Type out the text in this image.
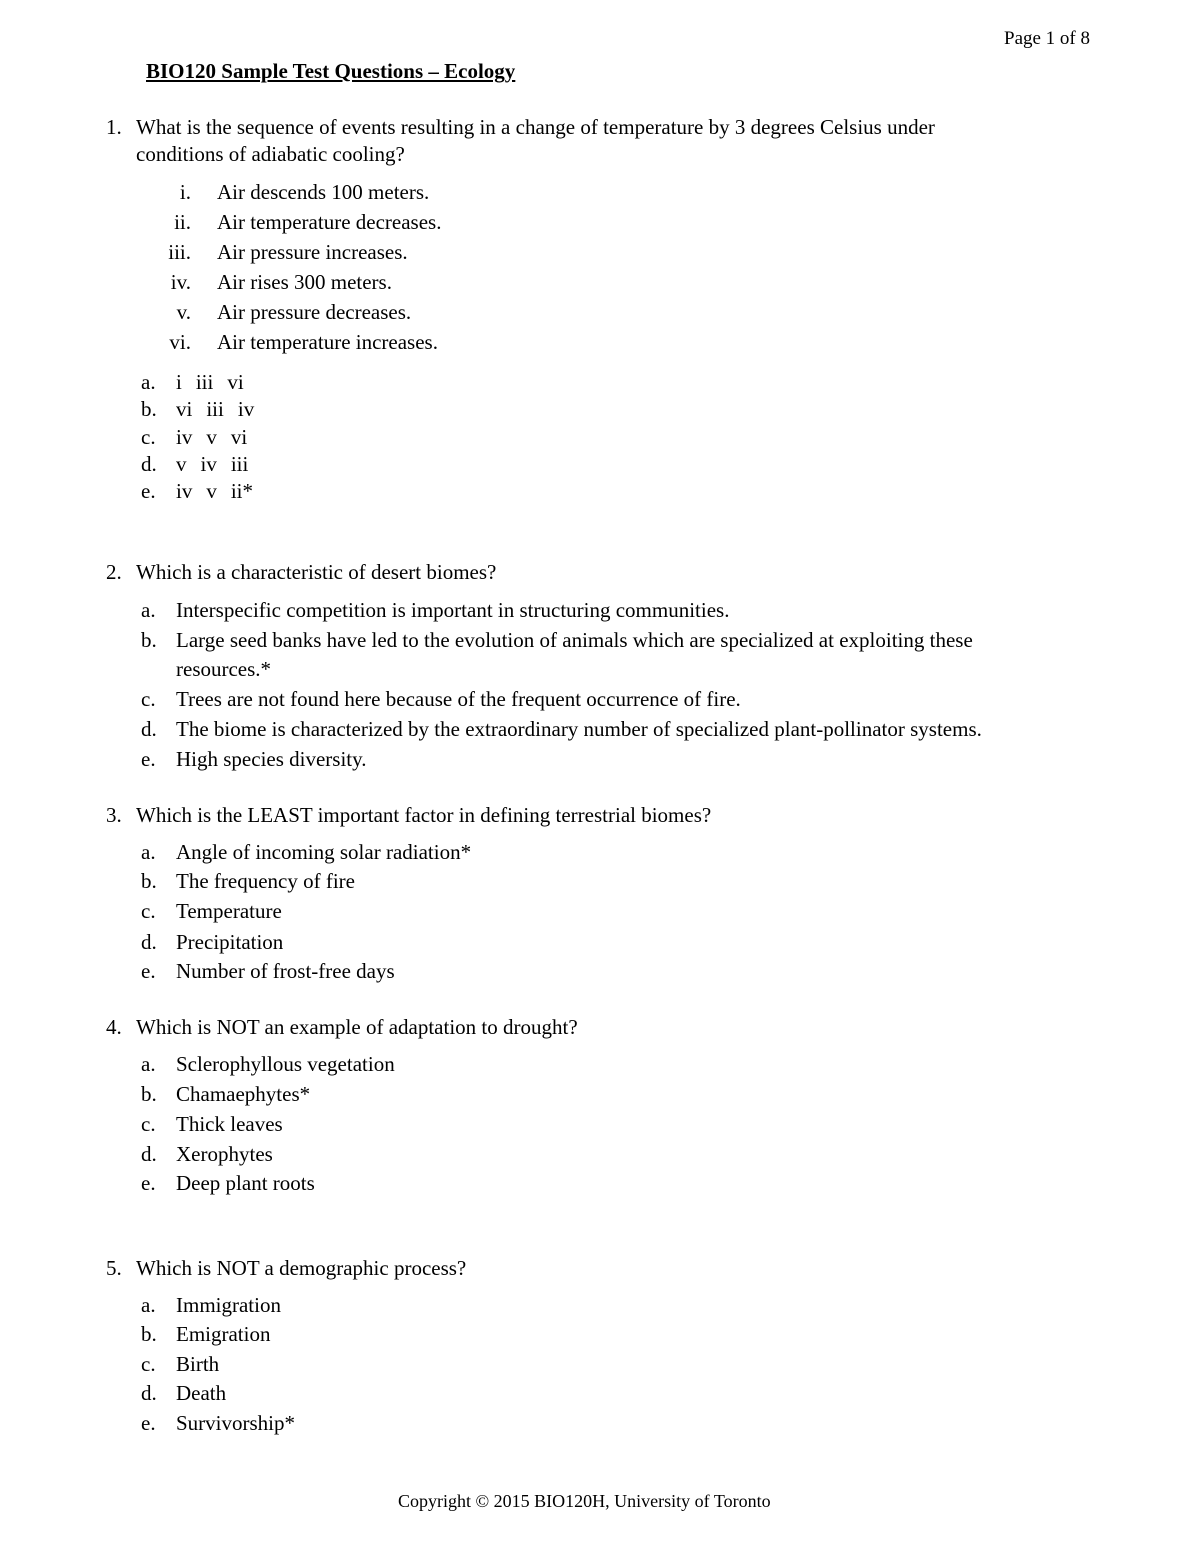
Page 1 of 8
BIO120 Sample Test Questions – Ecology
1. What is the sequence of events resulting in a change of temperature by 3 degrees Celsius under
conditions of adiabatic cooling?
i. Air descends 100 meters.
ii. Air temperature decreases.
iii. Air pressure increases.
iv. Air rises 300 meters.
v. Air pressure decreases.
vi. Air temperature increases.
a. i iii vi
b. vi iii iv
c. iv v vi
d. v iv iii
e. iv v ii*
2. Which is a characteristic of desert biomes?
a. Interspecific competition is important in structuring communities.
b. Large seed banks have led to the evolution of animals which are specialized at exploiting these
resources.*
c. Trees are not found here because of the frequent occurrence of fire.
d. The biome is characterized by the extraordinary number of specialized plant-pollinator systems.
e. High species diversity.
3. Which is the LEAST important factor in defining terrestrial biomes?
a. Angle of incoming solar radiation*
b. The frequency of fire
c. Temperature
d. Precipitation
e. Number of frost-free days
4. Which is NOT an example of adaptation to drought?
a. Sclerophyllous vegetation
b. Chamaephytes*
c. Thick leaves
d. Xerophytes
e. Deep plant roots
5. Which is NOT a demographic process?
a. Immigration
b. Emigration
c. Birth
d. Death
e. Survivorship*
Copyright © 2015 BIO120H, University of Toronto
